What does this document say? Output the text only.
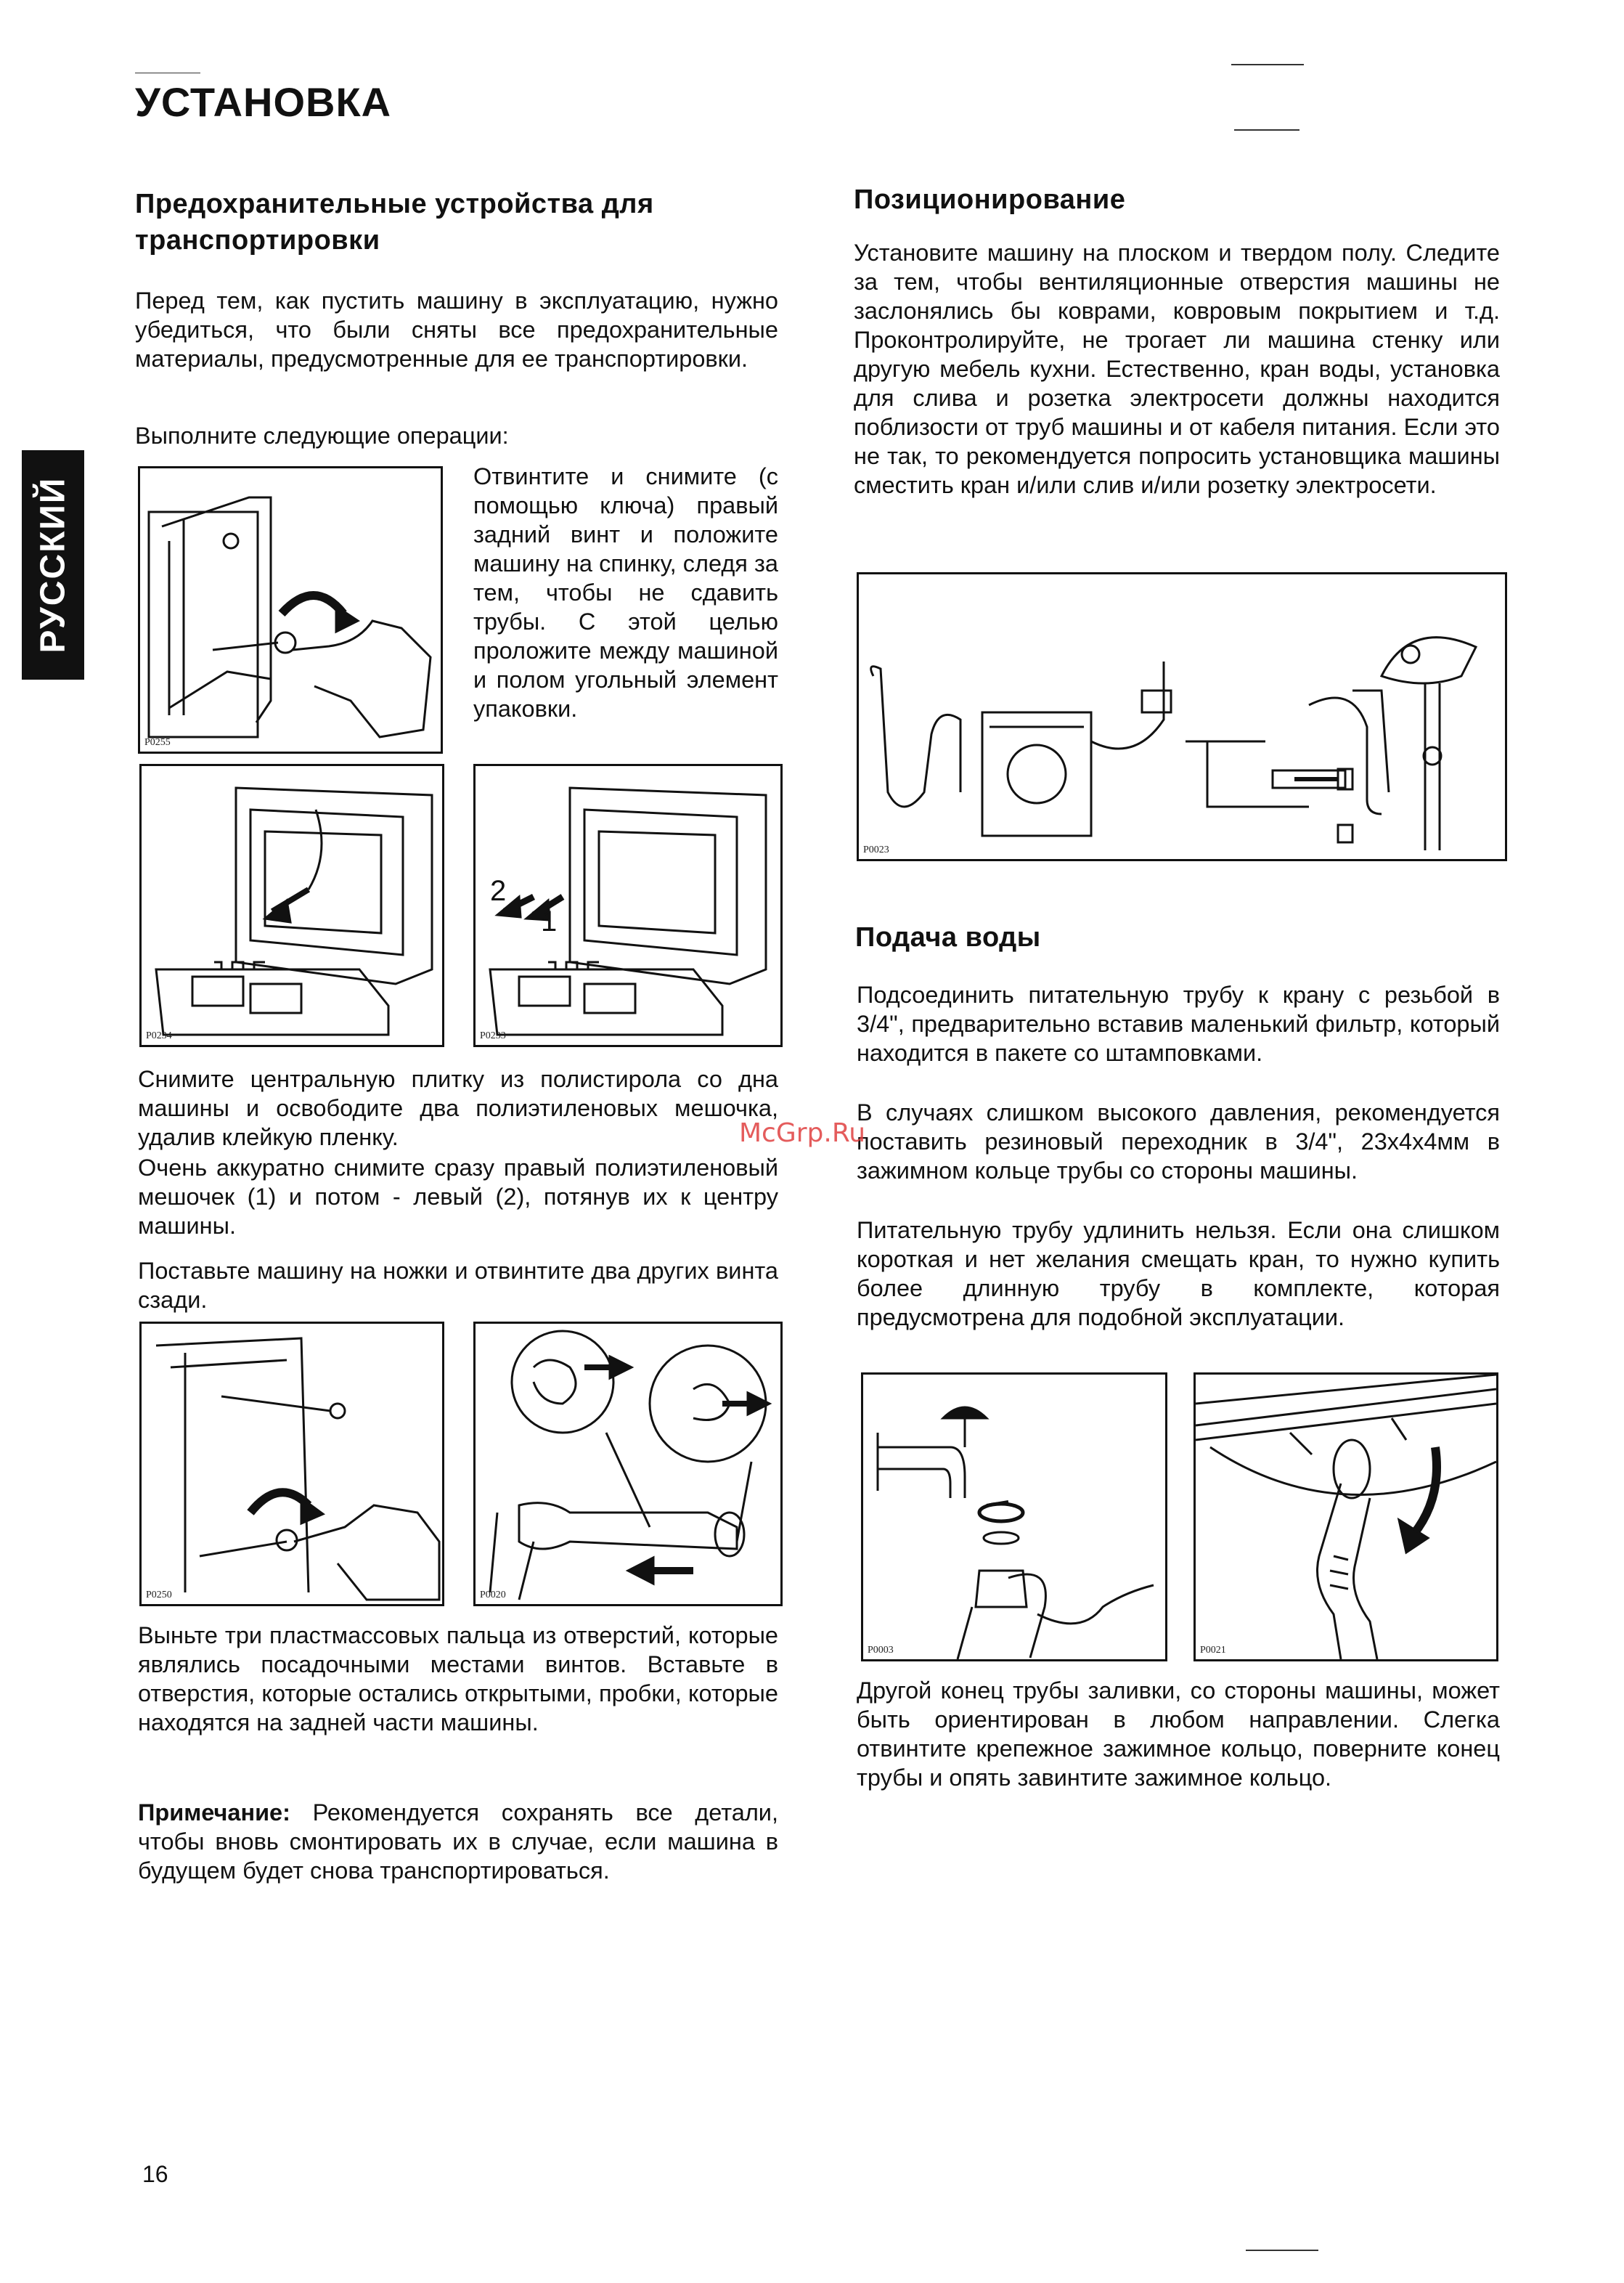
УСТАНОВКА
РУССКИЙ
Предохранительные устройства для транспортировки
Перед тем, как пустить машину в эксплуатацию, нужно убедиться, что были сняты все предохранительные материалы, предусмотренные для ее транспортировки.
Выполните следующие операции:
P0255
Отвинтите и снимите (с помощью ключа) правый задний винт и положите машину на спинку, следя за тем, чтобы не сдавить трубы. С этой целью проложите между машиной и полом угольный элемент упаковки.
P0234
2
1
P0233
Снимите центральную плитку из полистирола со дна машины и освободите два полиэтиленовых мешочка, удалив клейкую пленку.
Очень аккуратно снимите сразу правый полиэтиленовый мешочек (1) и потом - левый (2), потянув их к центру машины.
Поставьте машину на ножки и отвинтите два других винта сзади.
P0250	P0020
Выньте три пластмассовых пальца из отверстий, которые являлись посадочными местами винтов. Вставьте в отверстия, которые остались открытыми, пробки, которые находятся на задней части машины.
Примечание: Рекомендуется сохранять все детали, чтобы вновь смонтировать их в случае, если машина в будущем будет снова транспортироваться.
Позиционирование
Установите машину на плоском и твердом полу. Следите за тем, чтобы вентиляционные отверстия машины не заслонялись бы коврами, ковровым покрытием и т.д. Проконтролируйте, не трогает ли машина стенку или другую мебель кухни. Естественно, кран воды, установка для слива и розетка электросети должны находится поблизости от труб машины и от кабеля питания. Если это не так, то рекомендуется попросить установщика машины сместить кран и/или слив и/или розетку электросети.
P0023
Подача воды
Подсоединить питательную трубу к крану с резьбой в 3/4", предварительно вставив маленький фильтр, который находится в пакете со штамповками.
В случаях слишком высокого давления, рекомендуется поставить резиновый переходник в 3/4", 23x4x4мм в зажимном кольце трубы со стороны машины.
Питательную трубу удлинить нельзя. Если она слишком короткая и нет желания смещать кран, то нужно купить более длинную трубу в комплекте, которая предусмотрена для подобной эксплуатации.
P0003	P0021
Другой конец трубы заливки, со стороны машины, может быть ориентирован в любом направлении. Слегка отвинтите крепежное зажимное кольцо, поверните конец трубы и опять завинтите зажимное кольцо.
McGrp.Ru
16
